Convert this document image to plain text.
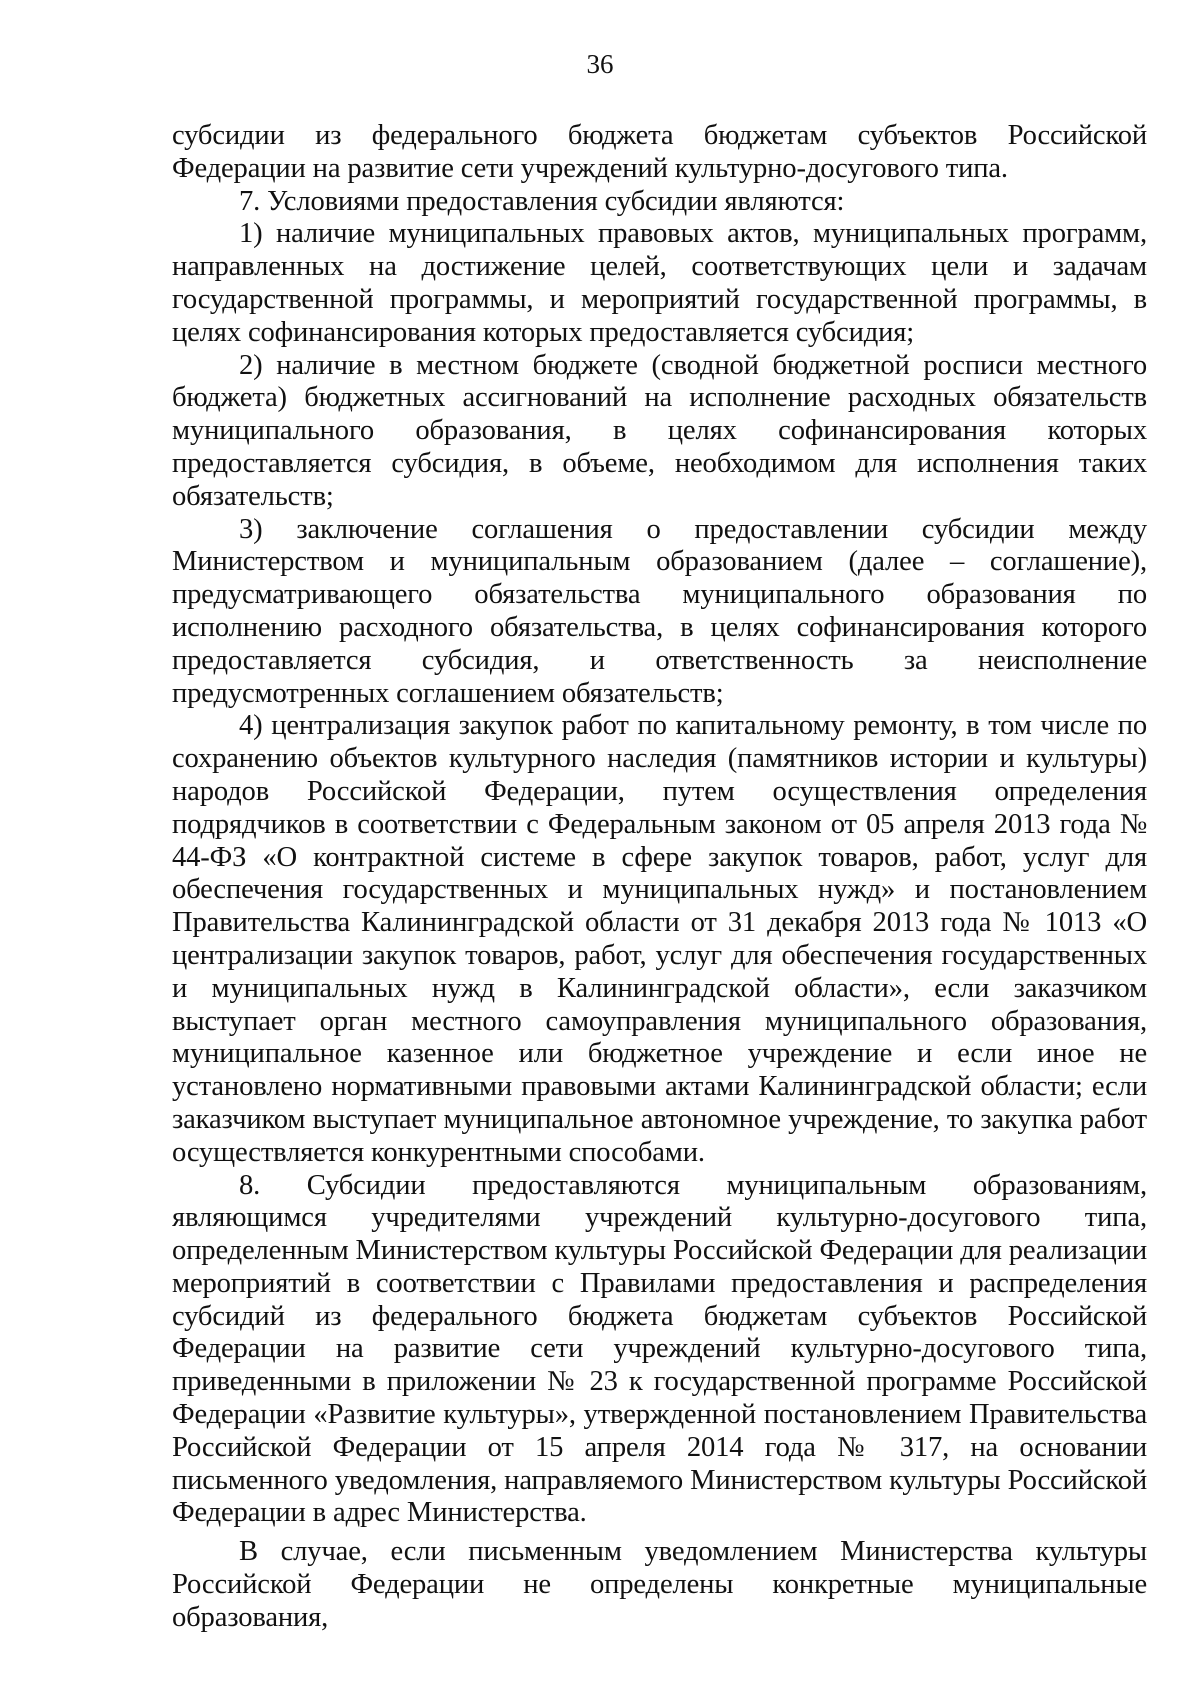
36

субсидии из федерального бюджета бюджетам субъектов Российской Федерации на развитие сети учреждений культурно-досугового типа.

7. Условиями предоставления субсидии являются:

1) наличие муниципальных правовых актов, муниципальных программ, направленных на достижение целей, соответствующих цели и задачам государственной программы, и мероприятий государственной программы, в целях софинансирования которых предоставляется субсидия;

2) наличие в местном бюджете (сводной бюджетной росписи местного бюджета) бюджетных ассигнований на исполнение расходных обязательств муниципального образования, в целях софинансирования которых предоставляется субсидия, в объеме, необходимом для исполнения таких обязательств;

3) заключение соглашения о предоставлении субсидии между Министерством и муниципальным образованием (далее – соглашение), предусматривающего обязательства муниципального образования по исполнению расходного обязательства, в целях софинансирования которого предоставляется субсидия, и ответственность за неисполнение предусмотренных соглашением обязательств;

4) централизация закупок работ по капитальному ремонту, в том числе по сохранению объектов культурного наследия (памятников истории и культуры) народов Российской Федерации, путем осуществления определения подрядчиков в соответствии с Федеральным законом от 05 апреля 2013 года № 44-ФЗ «О контрактной системе в сфере закупок товаров, работ, услуг для обеспечения государственных и муниципальных нужд» и постановлением Правительства Калининградской области от 31 декабря 2013 года № 1013 «О централизации закупок товаров, работ, услуг для обеспечения государственных и муниципальных нужд в Калининградской области», если заказчиком выступает орган местного самоуправления муниципального образования, муниципальное казенное или бюджетное учреждение и если иное не установлено нормативными правовыми актами Калининградской области; если заказчиком выступает муниципальное автономное учреждение, то закупка работ осуществляется конкурентными способами.

8. Субсидии предоставляются муниципальным образованиям, являющимся учредителями учреждений культурно-досугового типа, определенным Министерством культуры Российской Федерации для реализации мероприятий в соответствии с Правилами предоставления и распределения субсидий из федерального бюджета бюджетам субъектов Российской Федерации на развитие сети учреждений культурно-досугового типа, приведенными в приложении № 23 к государственной программе Российской Федерации «Развитие культуры», утвержденной постановлением Правительства Российской Федерации от 15 апреля 2014 года № 317, на основании письменного уведомления, направляемого Министерством культуры Российской Федерации в адрес Министерства.

В случае, если письменным уведомлением Министерства культуры Российской Федерации не определены конкретные муниципальные образования,
